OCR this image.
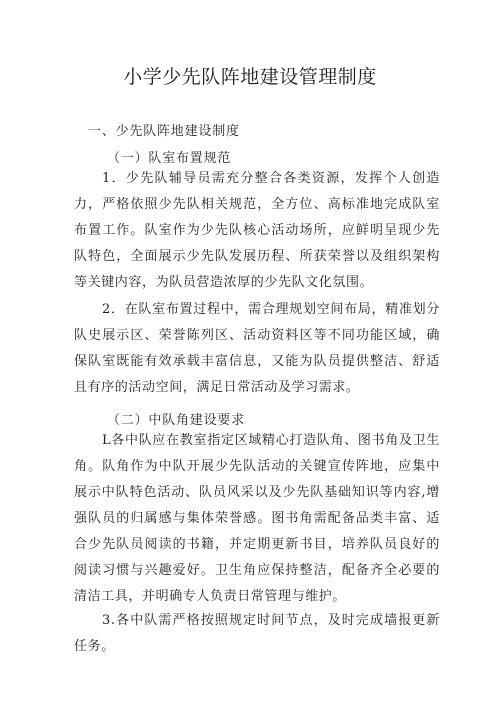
小学少先队阵地建设管理制度
一、少先队阵地建设制度
（一）队室布置规范
1．少先队辅导员需充分整合各类资源，发挥个人创造力，严格依照少先队相关规范，全方位、高标准地完成队室布置工作。队室作为少先队核心活动场所，应鲜明呈现少先队特色，全面展示少先队发展历程、所获荣誉以及组织架构等关键内容，为队员营造浓厚的少先队文化氛围。
2．在队室布置过程中，需合理规划空间布局，精准划分队史展示区、荣誉陈列区、活动资料区等不同功能区域，确保队室既能有效承载丰富信息，又能为队员提供整洁、舒适且有序的活动空间，满足日常活动及学习需求。
（二）中队角建设要求
L各中队应在教室指定区域精心打造队角、图书角及卫生角。队角作为中队开展少先队活动的关键宣传阵地，应集中展示中队特色活动、队员风采以及少先队基础知识等内容,增强队员的归属感与集体荣誉感。图书角需配备品类丰富、适合少先队员阅读的书籍，并定期更新书目，培养队员良好的阅读习惯与兴趣爱好。卫生角应保持整洁，配备齐全必要的清洁工具，并明确专人负责日常管理与维护。
3.各中队需严格按照规定时间节点，及时完成墙报更新任务。
